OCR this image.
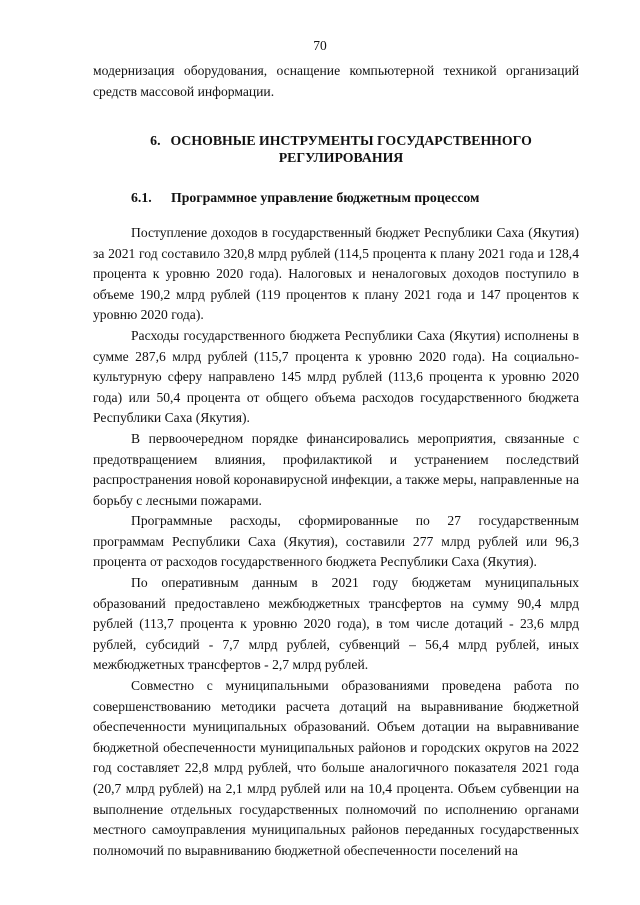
70

модернизация оборудования, оснащение компьютерной техникой организаций средств массовой информации.

6. ОСНОВНЫЕ ИНСТРУМЕНТЫ ГОСУДАРСТВЕННОГО
РЕГУЛИРОВАНИЯ
6.1. Программное управление бюджетным процессом

Поступление доходов в государственный бюджет Республики Саха (Якутия) за 2021 год составило 320,8 млрд рублей (114,5 процента к плану 2021 года и 128,4 процента к уровню 2020 года). Налоговых и неналоговых доходов поступило в объеме 190,2 млрд рублей (119 процентов к плану 2021 года и 147 процентов к уровню 2020 года).

Расходы государственного бюджета Республики Саха (Якутия) исполнены в сумме 287,6 млрд рублей (115,7 процента к уровню 2020 года). На социально-культурную сферу направлено 145 млрд рублей (113,6 процента к уровню 2020 года) или 50,4 процента от общего объема расходов государственного бюджета Республики Саха (Якутия).

В первоочередном порядке финансировались мероприятия, связанные с предотвращением влияния, профилактикой и устранением последствий распространения новой коронавирусной инфекции, а также меры, направленные на борьбу с лесными пожарами.

Программные расходы, сформированные по 27 государственным программам Республики Саха (Якутия), составили 277 млрд рублей или 96,3 процента от расходов государственного бюджета Республики Саха (Якутия).

По оперативным данным в 2021 году бюджетам муниципальных образований предоставлено межбюджетных трансфертов на сумму 90,4 млрд рублей (113,7 процента к уровню 2020 года), в том числе дотаций - 23,6 млрд рублей, субсидий - 7,7 млрд рублей, субвенций – 56,4 млрд рублей, иных межбюджетных трансфертов - 2,7 млрд рублей.

Совместно с муниципальными образованиями проведена работа по совершенствованию методики расчета дотаций на выравнивание бюджетной обеспеченности муниципальных образований. Объем дотации на выравнивание бюджетной обеспеченности муниципальных районов и городских округов на 2022 год составляет 22,8 млрд рублей, что больше аналогичного показателя 2021 года (20,7 млрд рублей) на 2,1 млрд рублей или на 10,4 процента. Объем субвенции на выполнение отдельных государственных полномочий по исполнению органами местного самоуправления муниципальных районов переданных государственных полномочий по выравниванию бюджетной обеспеченности поселений на
